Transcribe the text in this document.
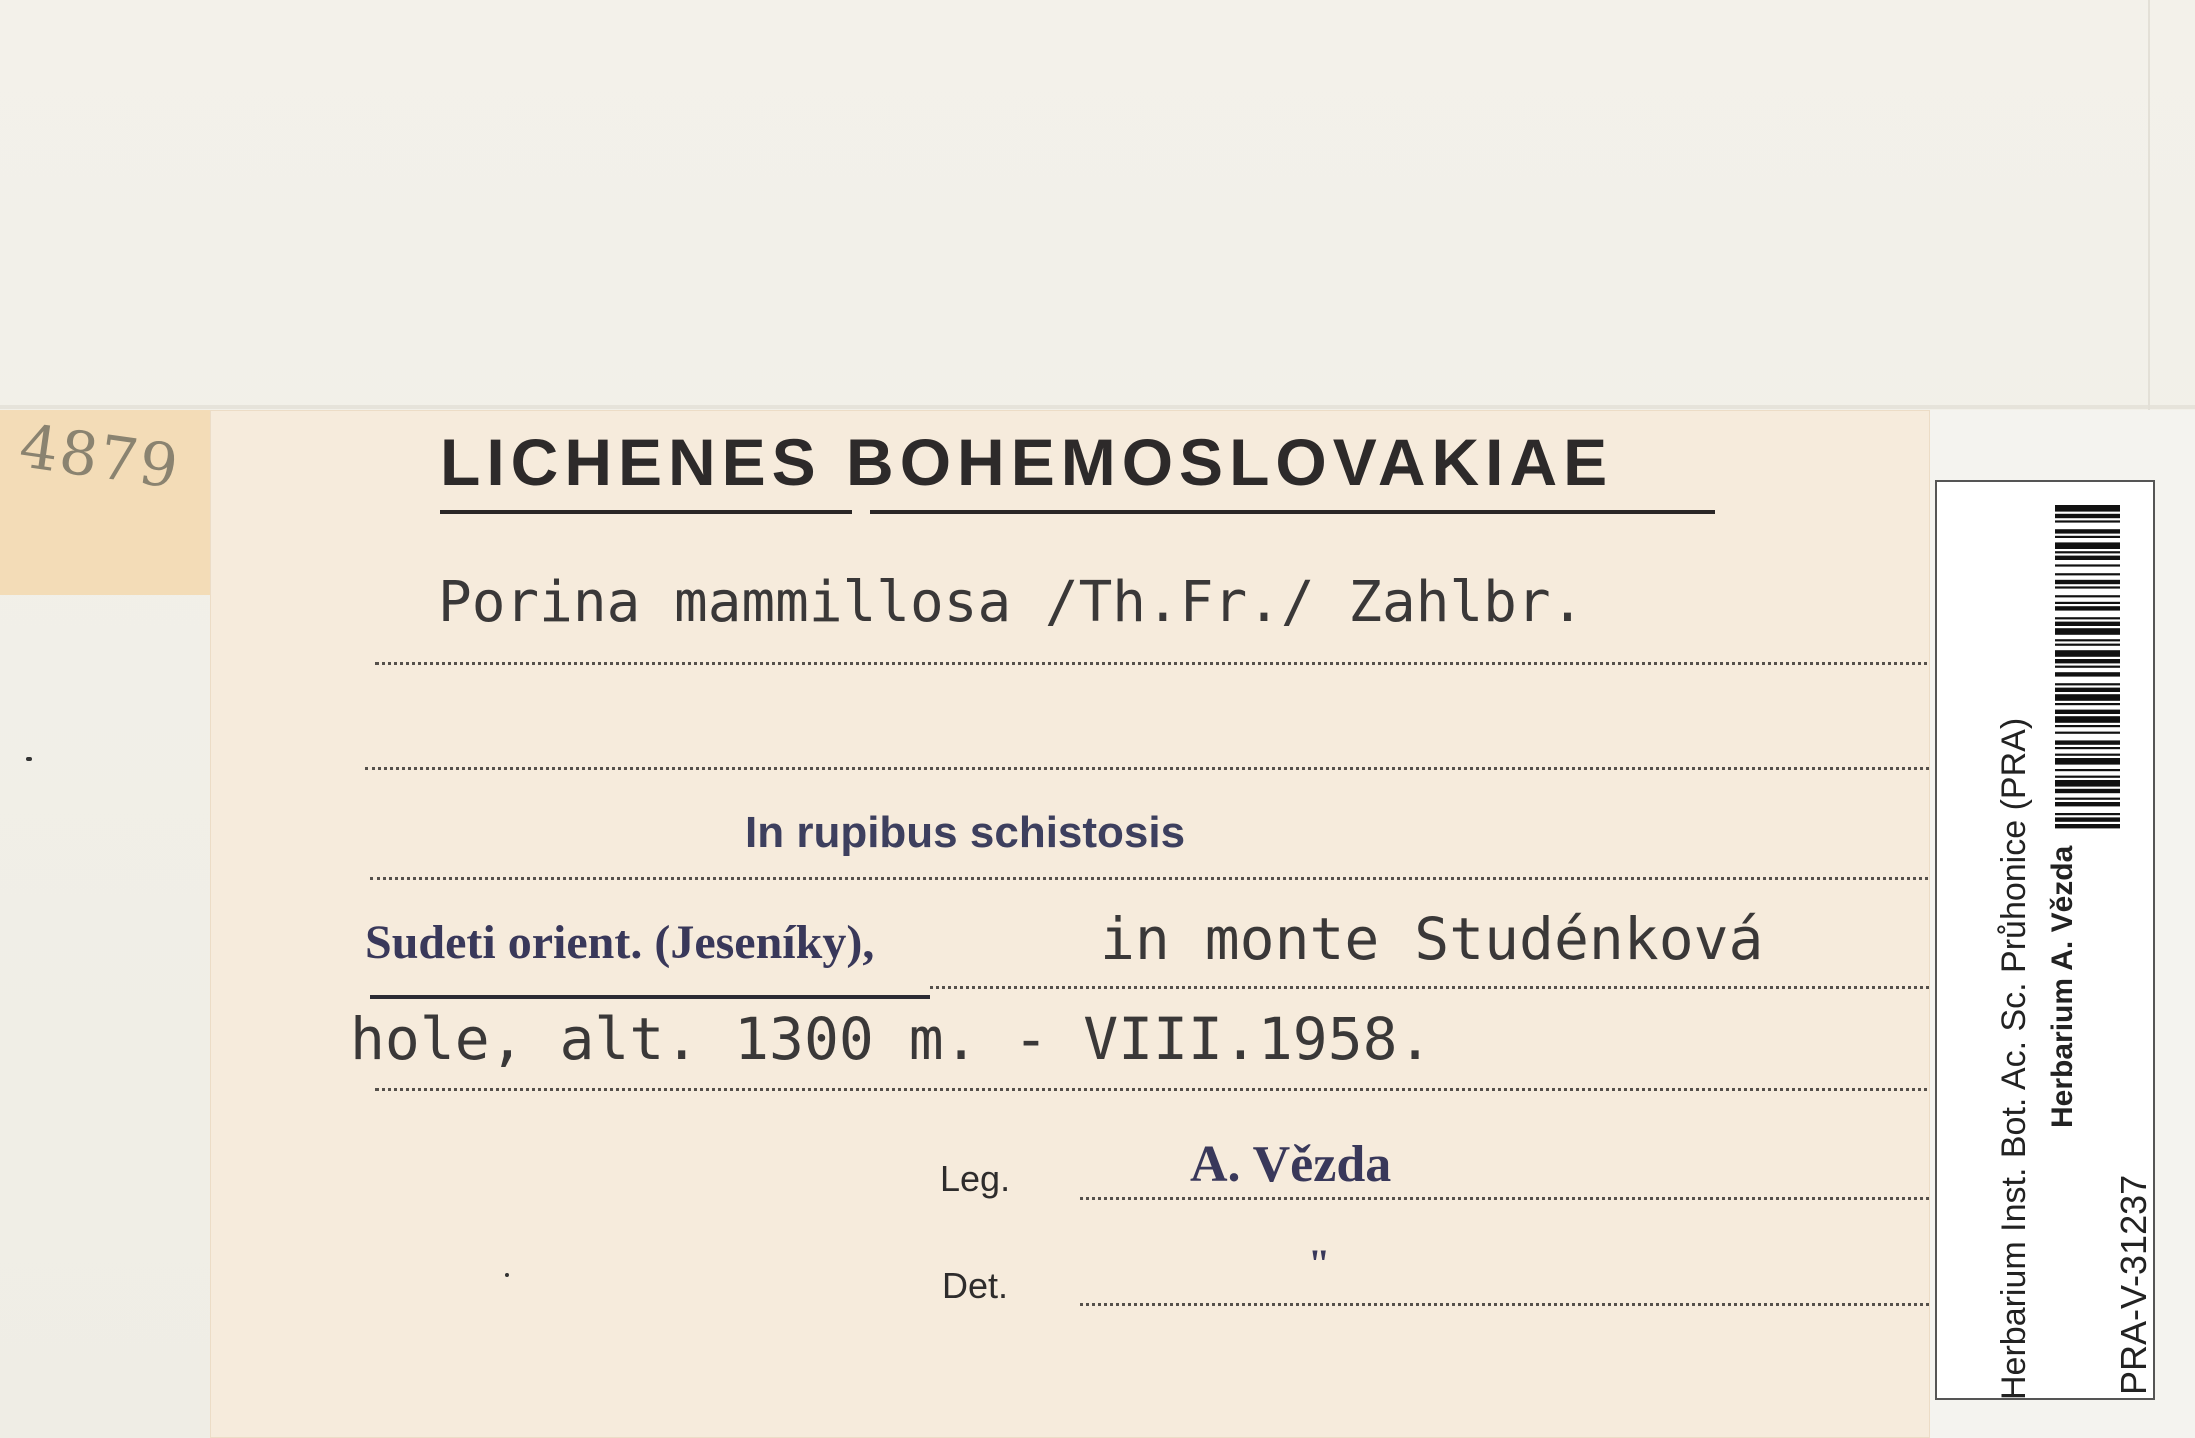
4879	LICHENES BOHEMOSLOVAKIAE
Porina mammillosa /Th.Fr./ Zahlbr.
In rupibus schistosis
Sudeti orient. (Jeseníky),	in monte Studénková
hole, alt. 1300 m. - VIII.1958.
Leg.	A. Vězda
Det.	"	Herbarium Inst. Bot. Ac. Sc. Průhonice (PRA) Herbarium A. Vězda
PRA-V-31237
